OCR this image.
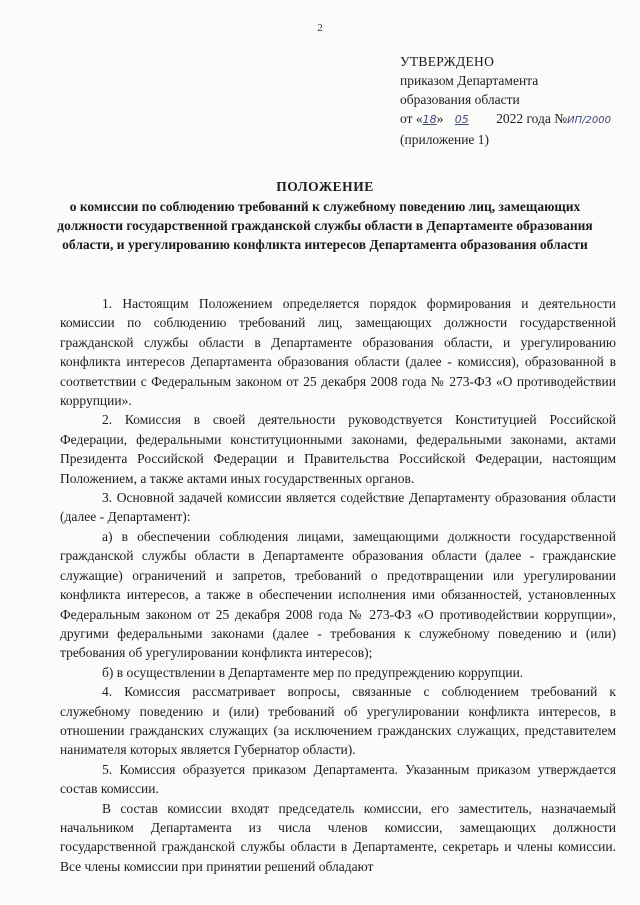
2
УТВЕРЖДЕНО
приказом Департамента
образования области
от «18» 05 2022 года №ИП/2000
(приложение 1)
ПОЛОЖЕНИЕ
о комиссии по соблюдению требований к служебному поведению лиц, замещающих должности государственной гражданской службы области в Департаменте образования области, и урегулированию конфликта интересов Департамента образования области

1. Настоящим Положением определяется порядок формирования и деятельности комиссии по соблюдению требований лиц, замещающих должности государственной гражданской службы области в Департаменте образования области, и урегулированию конфликта интересов Департамента образования области (далее - комиссия), образованной в соответствии с Федеральным законом от 25 декабря 2008 года № 273-ФЗ «О противодействии коррупции».

2. Комиссия в своей деятельности руководствуется Конституцией Российской Федерации, федеральными конституционными законами, федеральными законами, актами Президента Российской Федерации и Правительства Российской Федерации, настоящим Положением, а также актами иных государственных органов.

3. Основной задачей комиссии является содействие Департаменту образования области (далее - Департамент):

а) в обеспечении соблюдения лицами, замещающими должности государственной гражданской службы области в Департаменте образования области (далее - гражданские служащие) ограничений и запретов, требований о предотвращении или урегулировании конфликта интересов, а также в обеспечении исполнения ими обязанностей, установленных Федеральным законом от 25 декабря 2008 года № 273-ФЗ «О противодействии коррупции», другими федеральными законами (далее - требования к служебному поведению и (или) требования об урегулировании конфликта интересов);

б) в осуществлении в Департаменте мер по предупреждению коррупции.

4. Комиссия рассматривает вопросы, связанные с соблюдением требований к служебному поведению и (или) требований об урегулировании конфликта интересов, в отношении гражданских служащих (за исключением гражданских служащих, представителем нанимателя которых является Губернатор области).

5. Комиссия образуется приказом Департамента. Указанным приказом утверждается состав комиссии.

В состав комиссии входят председатель комиссии, его заместитель, назначаемый начальником Департамента из числа членов комиссии, замещающих должности государственной гражданской службы области в Департаменте, секретарь и члены комиссии. Все члены комиссии при принятии решений обладают
